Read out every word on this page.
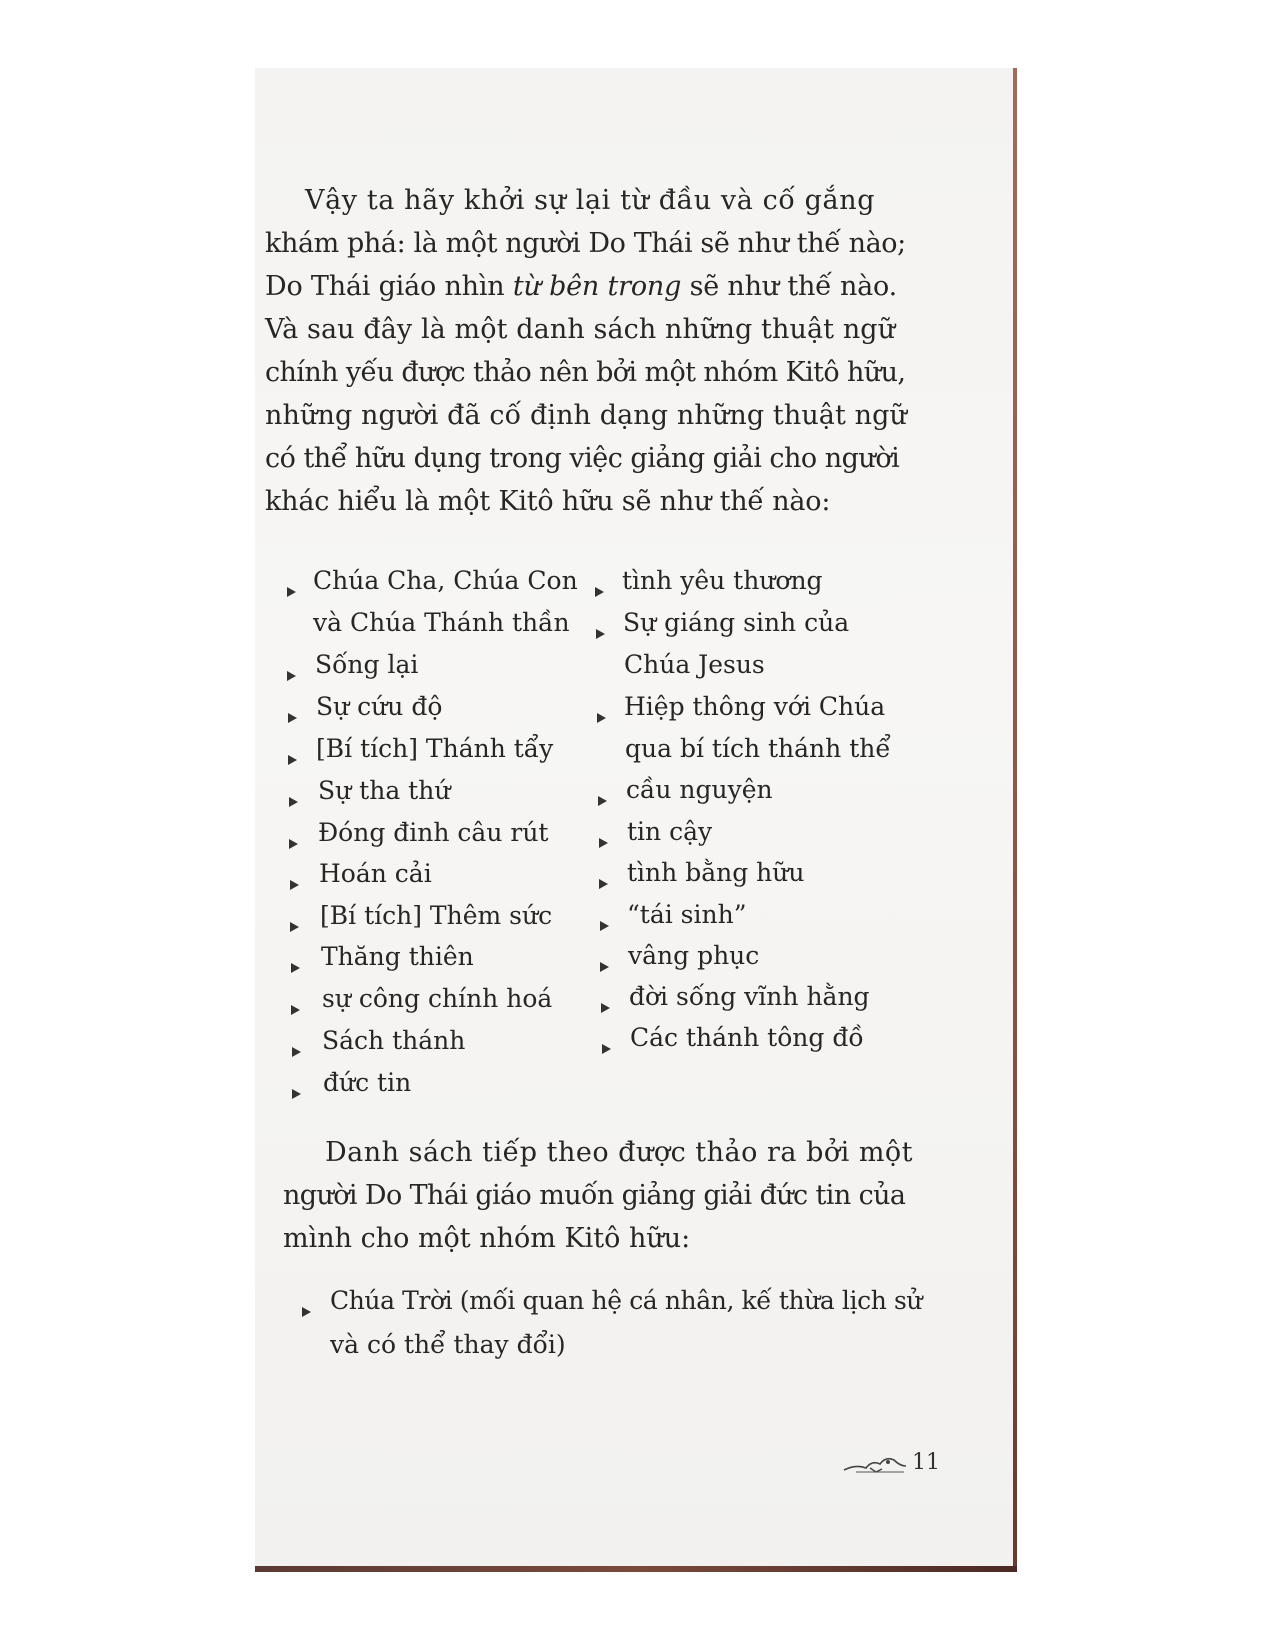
Vậy ta hãy khởi sự lại từ đầu và cố gắng
khám phá: là một người Do Thái sẽ như thế nào;
Do Thái giáo nhìn từ bên trong sẽ như thế nào.
Và sau đây là một danh sách những thuật ngữ
chính yếu được thảo nên bởi một nhóm Kitô hữu,
những người đã cố định dạng những thuật ngữ
có thể hữu dụng trong việc giảng giải cho người
khác hiểu là một Kitô hữu sẽ như thế nào:
Chúa Cha, Chúa Con
và Chúa Thánh thần
Sống lại
Sự cứu độ
[Bí tích] Thánh tẩy
Sự tha thứ
Đóng đinh câu rút
Hoán cải
[Bí tích] Thêm sức
Thăng thiên
sự công chính hoá
Sách thánh
đức tin
tình yêu thương
Sự giáng sinh của
Chúa Jesus
Hiệp thông với Chúa
qua bí tích thánh thể
cầu nguyện
tin cậy
tình bằng hữu
“tái sinh”
vâng phục
đời sống vĩnh hằng
Các thánh tông đồ
Danh sách tiếp theo được thảo ra bởi một
người Do Thái giáo muốn giảng giải đức tin của
mình cho một nhóm Kitô hữu:
Chúa Trời (mối quan hệ cá nhân, kế thừa lịch sử
và có thể thay đổi)
11
